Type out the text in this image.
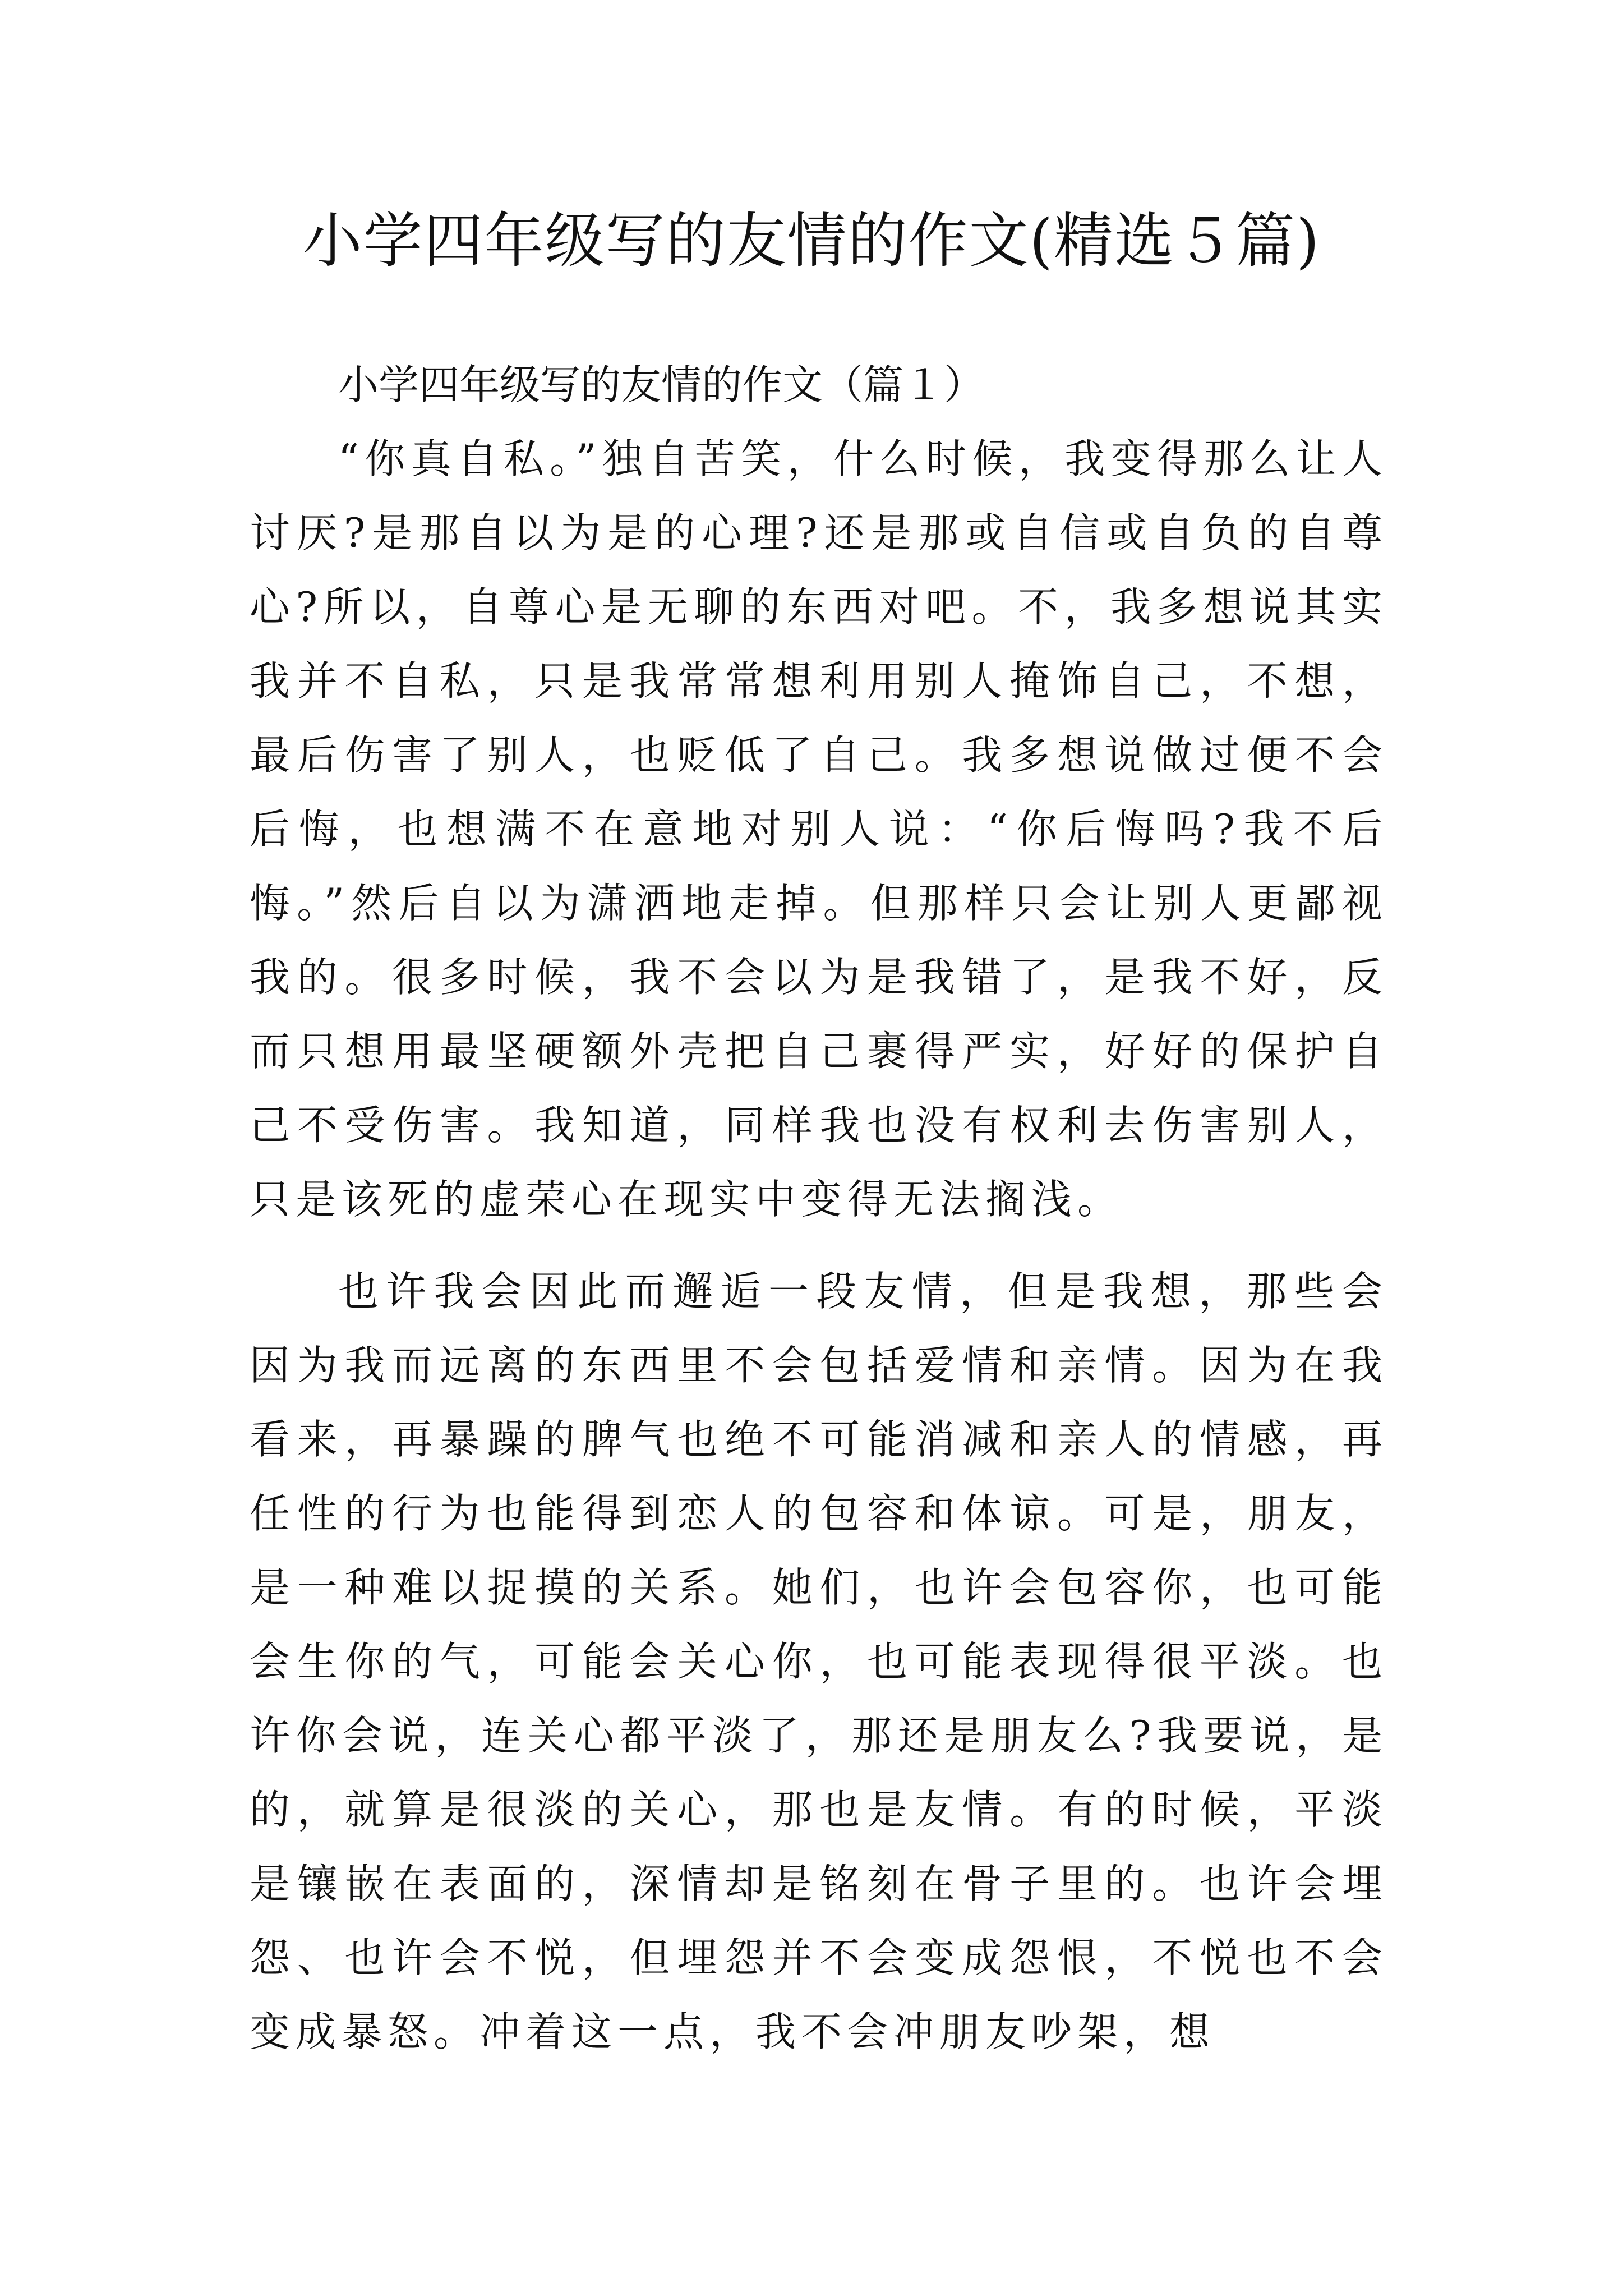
小学四年级写的友情的作文(精选５篇)

小学四年级写的友情的作文（篇１）

“你真自私。”独自苦笑，什么时候，我变得那么让人讨厌?是那自以为是的心理?还是那或自信或自负的自尊心?所以，自尊心是无聊的东西对吧。不，我多想说其实我并不自私，只是我常常想利用别人掩饰自己，不想，最后伤害了别人，也贬低了自己。我多想说做过便不会后悔，也想满不在意地对别人说：“你后悔吗?我不后悔。”然后自以为潇洒地走掉。但那样只会让别人更鄙视我的。很多时候，我不会以为是我错了，是我不好，反而只想用最坚硬额外壳把自己裹得严实，好好的保护自己不受伤害。我知道，同样我也没有权利去伤害别人，只是该死的虚荣心在现实中变得无法搁浅。

也许我会因此而邂逅一段友情，但是我想，那些会因为我而远离的东西里不会包括爱情和亲情。因为在我看来，再暴躁的脾气也绝不可能消减和亲人的情感，再任性的行为也能得到恋人的包容和体谅。可是，朋友，是一种难以捉摸的关系。她们，也许会包容你，也可能会生你的气，可能会关心你，也可能表现得很平淡。也许你会说，连关心都平淡了，那还是朋友么?我要说，是的，就算是很淡的关心，那也是友情。有的时候，平淡是镶嵌在表面的，深情却是铭刻在骨子里的。也许会埋怨、也许会不悦，但埋怨并不会变成怨恨，不悦也不会变成暴怒。冲着这一点，我不会冲朋友吵架，想
